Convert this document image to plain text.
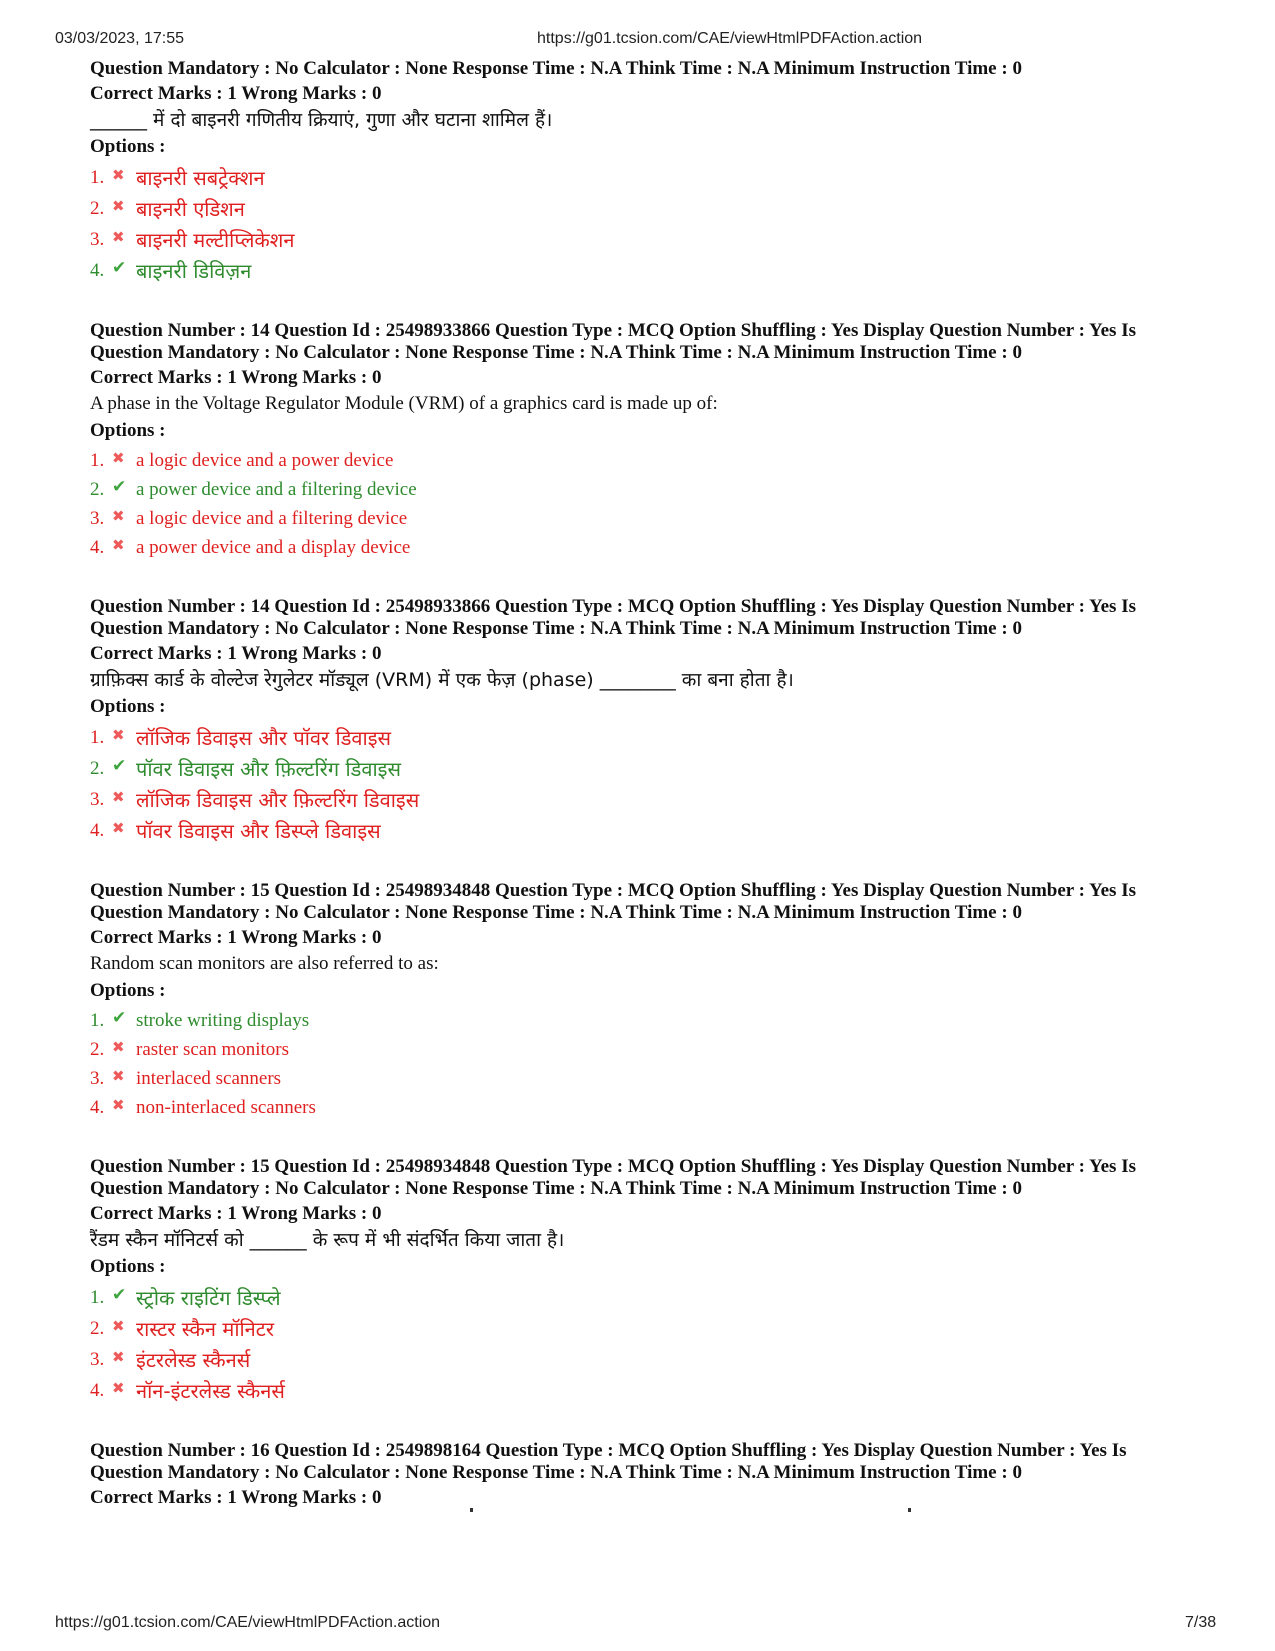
03/03/2023, 17:55	https://g01.tcsion.com/CAE/viewHtmlPDFAction.action

Question Mandatory : No Calculator : None Response Time : N.A Think Time : N.A Minimum Instruction Time : 0

Correct Marks : 1 Wrong Marks : 0

______ में दो बाइनरी गणितीय क्रियाएं, गुणा और घटाना शामिल हैं।

Options :

1. ✖ बाइनरी सबट्रेक्शन
2. ✖ बाइनरी एडिशन
3. ✖ बाइनरी मल्टीप्लिकेशन
4. ✔ बाइनरी डिविज़न

Question Number : 14 Question Id : 25498933866 Question Type : MCQ Option Shuffling : Yes Display Question Number : Yes Is

Question Mandatory : No Calculator : None Response Time : N.A Think Time : N.A Minimum Instruction Time : 0

Correct Marks : 1 Wrong Marks : 0

A phase in the Voltage Regulator Module (VRM) of a graphics card is made up of:

Options :

1. ✖ a logic device and a power device
2. ✔ a power device and a filtering device
3. ✖ a logic device and a filtering device
4. ✖ a power device and a display device

Question Number : 14 Question Id : 25498933866 Question Type : MCQ Option Shuffling : Yes Display Question Number : Yes Is

Question Mandatory : No Calculator : None Response Time : N.A Think Time : N.A Minimum Instruction Time : 0

Correct Marks : 1 Wrong Marks : 0

ग्राफ़िक्स कार्ड के वोल्टेज रेगुलेटर मॉड्यूल (VRM) में एक फेज़ (phase) ________ का बना होता है।

Options :

1. ✖ लॉजिक डिवाइस और पॉवर डिवाइस
2. ✔ पॉवर डिवाइस और फ़िल्टरिंग डिवाइस
3. ✖ लॉजिक डिवाइस और फ़िल्टरिंग डिवाइस
4. ✖ पॉवर डिवाइस और डिस्प्ले डिवाइस

Question Number : 15 Question Id : 25498934848 Question Type : MCQ Option Shuffling : Yes Display Question Number : Yes Is

Question Mandatory : No Calculator : None Response Time : N.A Think Time : N.A Minimum Instruction Time : 0

Correct Marks : 1 Wrong Marks : 0

Random scan monitors are also referred to as:

Options :

1. ✔ stroke writing displays
2. ✖ raster scan monitors
3. ✖ interlaced scanners
4. ✖ non-interlaced scanners

Question Number : 15 Question Id : 25498934848 Question Type : MCQ Option Shuffling : Yes Display Question Number : Yes Is

Question Mandatory : No Calculator : None Response Time : N.A Think Time : N.A Minimum Instruction Time : 0

Correct Marks : 1 Wrong Marks : 0

रैंडम स्कैन मॉनिटर्स को ______ के रूप में भी संदर्भित किया जाता है।

Options :

1. ✔ स्ट्रोक राइटिंग डिस्प्ले
2. ✖ रास्टर स्कैन मॉनिटर
3. ✖ इंटरलेस्ड स्कैनर्स
4. ✖ नॉन-इंटरलेस्ड स्कैनर्स

Question Number : 16 Question Id : 2549898164 Question Type : MCQ Option Shuffling : Yes Display Question Number : Yes Is

Question Mandatory : No Calculator : None Response Time : N.A Think Time : N.A Minimum Instruction Time : 0

Correct Marks : 1 Wrong Marks : 0

https://g01.tcsion.com/CAE/viewHtmlPDFAction.action	7/38
